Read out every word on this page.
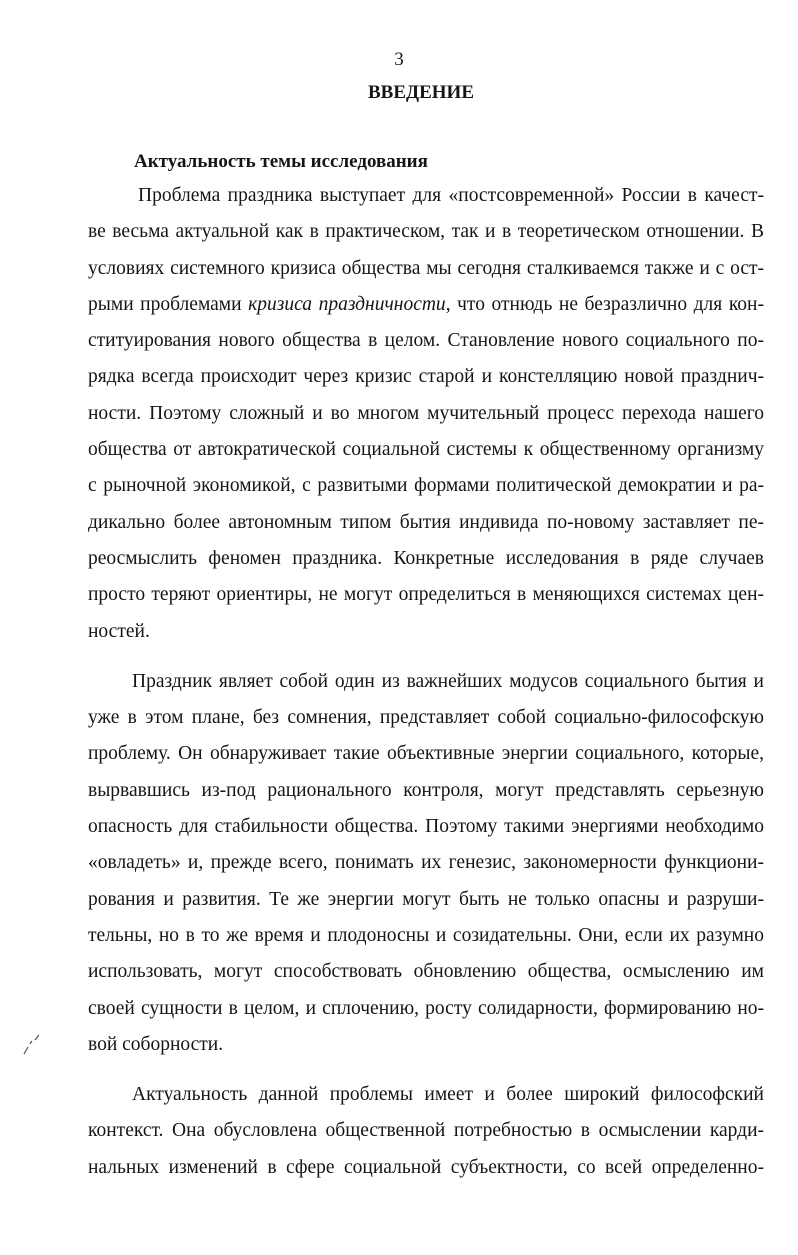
3
ВВЕДЕНИЕ
Актуальность темы исследования
Проблема праздника выступает для «постсовременной» России в качест-
ве весьма актуальной как в практическом, так и в теоретическом отношении. В
условиях системного кризиса общества мы сегодня сталкиваемся также и с ост-
рыми проблемами кризиса праздничности, что отнюдь не безразлично для кон-
ституирования нового общества в целом. Становление нового социального по-
рядка всегда происходит через кризис старой и констелляцию новой празднич-
ности. Поэтому сложный и во многом мучительный процесс перехода нашего
общества от автократической социальной системы к общественному организму
с рыночной экономикой, с развитыми формами политической демократии и ра-
дикально более автономным типом бытия индивида по-новому заставляет пе-
реосмыслить феномен праздника. Конкретные исследования в ряде случаев
просто теряют ориентиры, не могут определиться в меняющихся системах цен-
ностей.
Праздник являет собой один из важнейших модусов социального бытия и
уже в этом плане, без сомнения, представляет собой социально-философскую
проблему. Он обнаруживает такие объективные энергии социального, которые,
вырвавшись из-под рационального контроля, могут представлять серьезную
опасность для стабильности общества. Поэтому такими энергиями необходимо
«овладеть» и, прежде всего, понимать их генезис, закономерности функциони-
рования и развития. Те же энергии могут быть не только опасны и разруши-
тельны, но в то же время и плодоносны и созидательны. Они, если их разумно
использовать, могут способствовать обновлению общества, осмыслению им
своей сущности в целом, и сплочению, росту солидарности, формированию но-
вой соборности.
Актуальность данной проблемы имеет и более широкий философский
контекст. Она обусловлена общественной потребностью в осмыслении карди-
нальных изменений в сфере социальной субъектности, со всей определенно-
